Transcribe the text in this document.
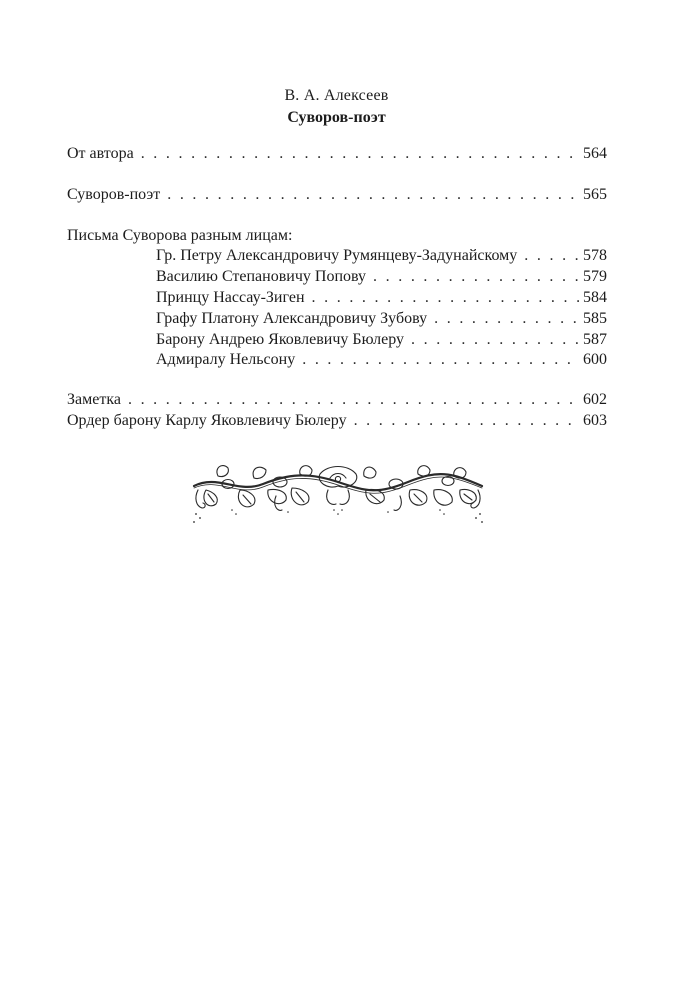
В. А. Алексеев
Суворов-поэт
От автора . . .	564
Суворов-поэт . . .	565
Письма Суворова разным лицам:
Гр. Петру Александровичу Румянцеву-Задунайскому . . .	578
Василию Степановичу Попову . . .	579
Принцу Нассау-Зиген . . .	584
Графу Платону Александровичу Зубову . . .	585
Барону Андрею Яковлевичу Бюлеру . . .	587
Адмиралу Нельсону . . .	600
Заметка . . .	602
Ордер барону Карлу Яковлевичу Бюлеру . . .	603
